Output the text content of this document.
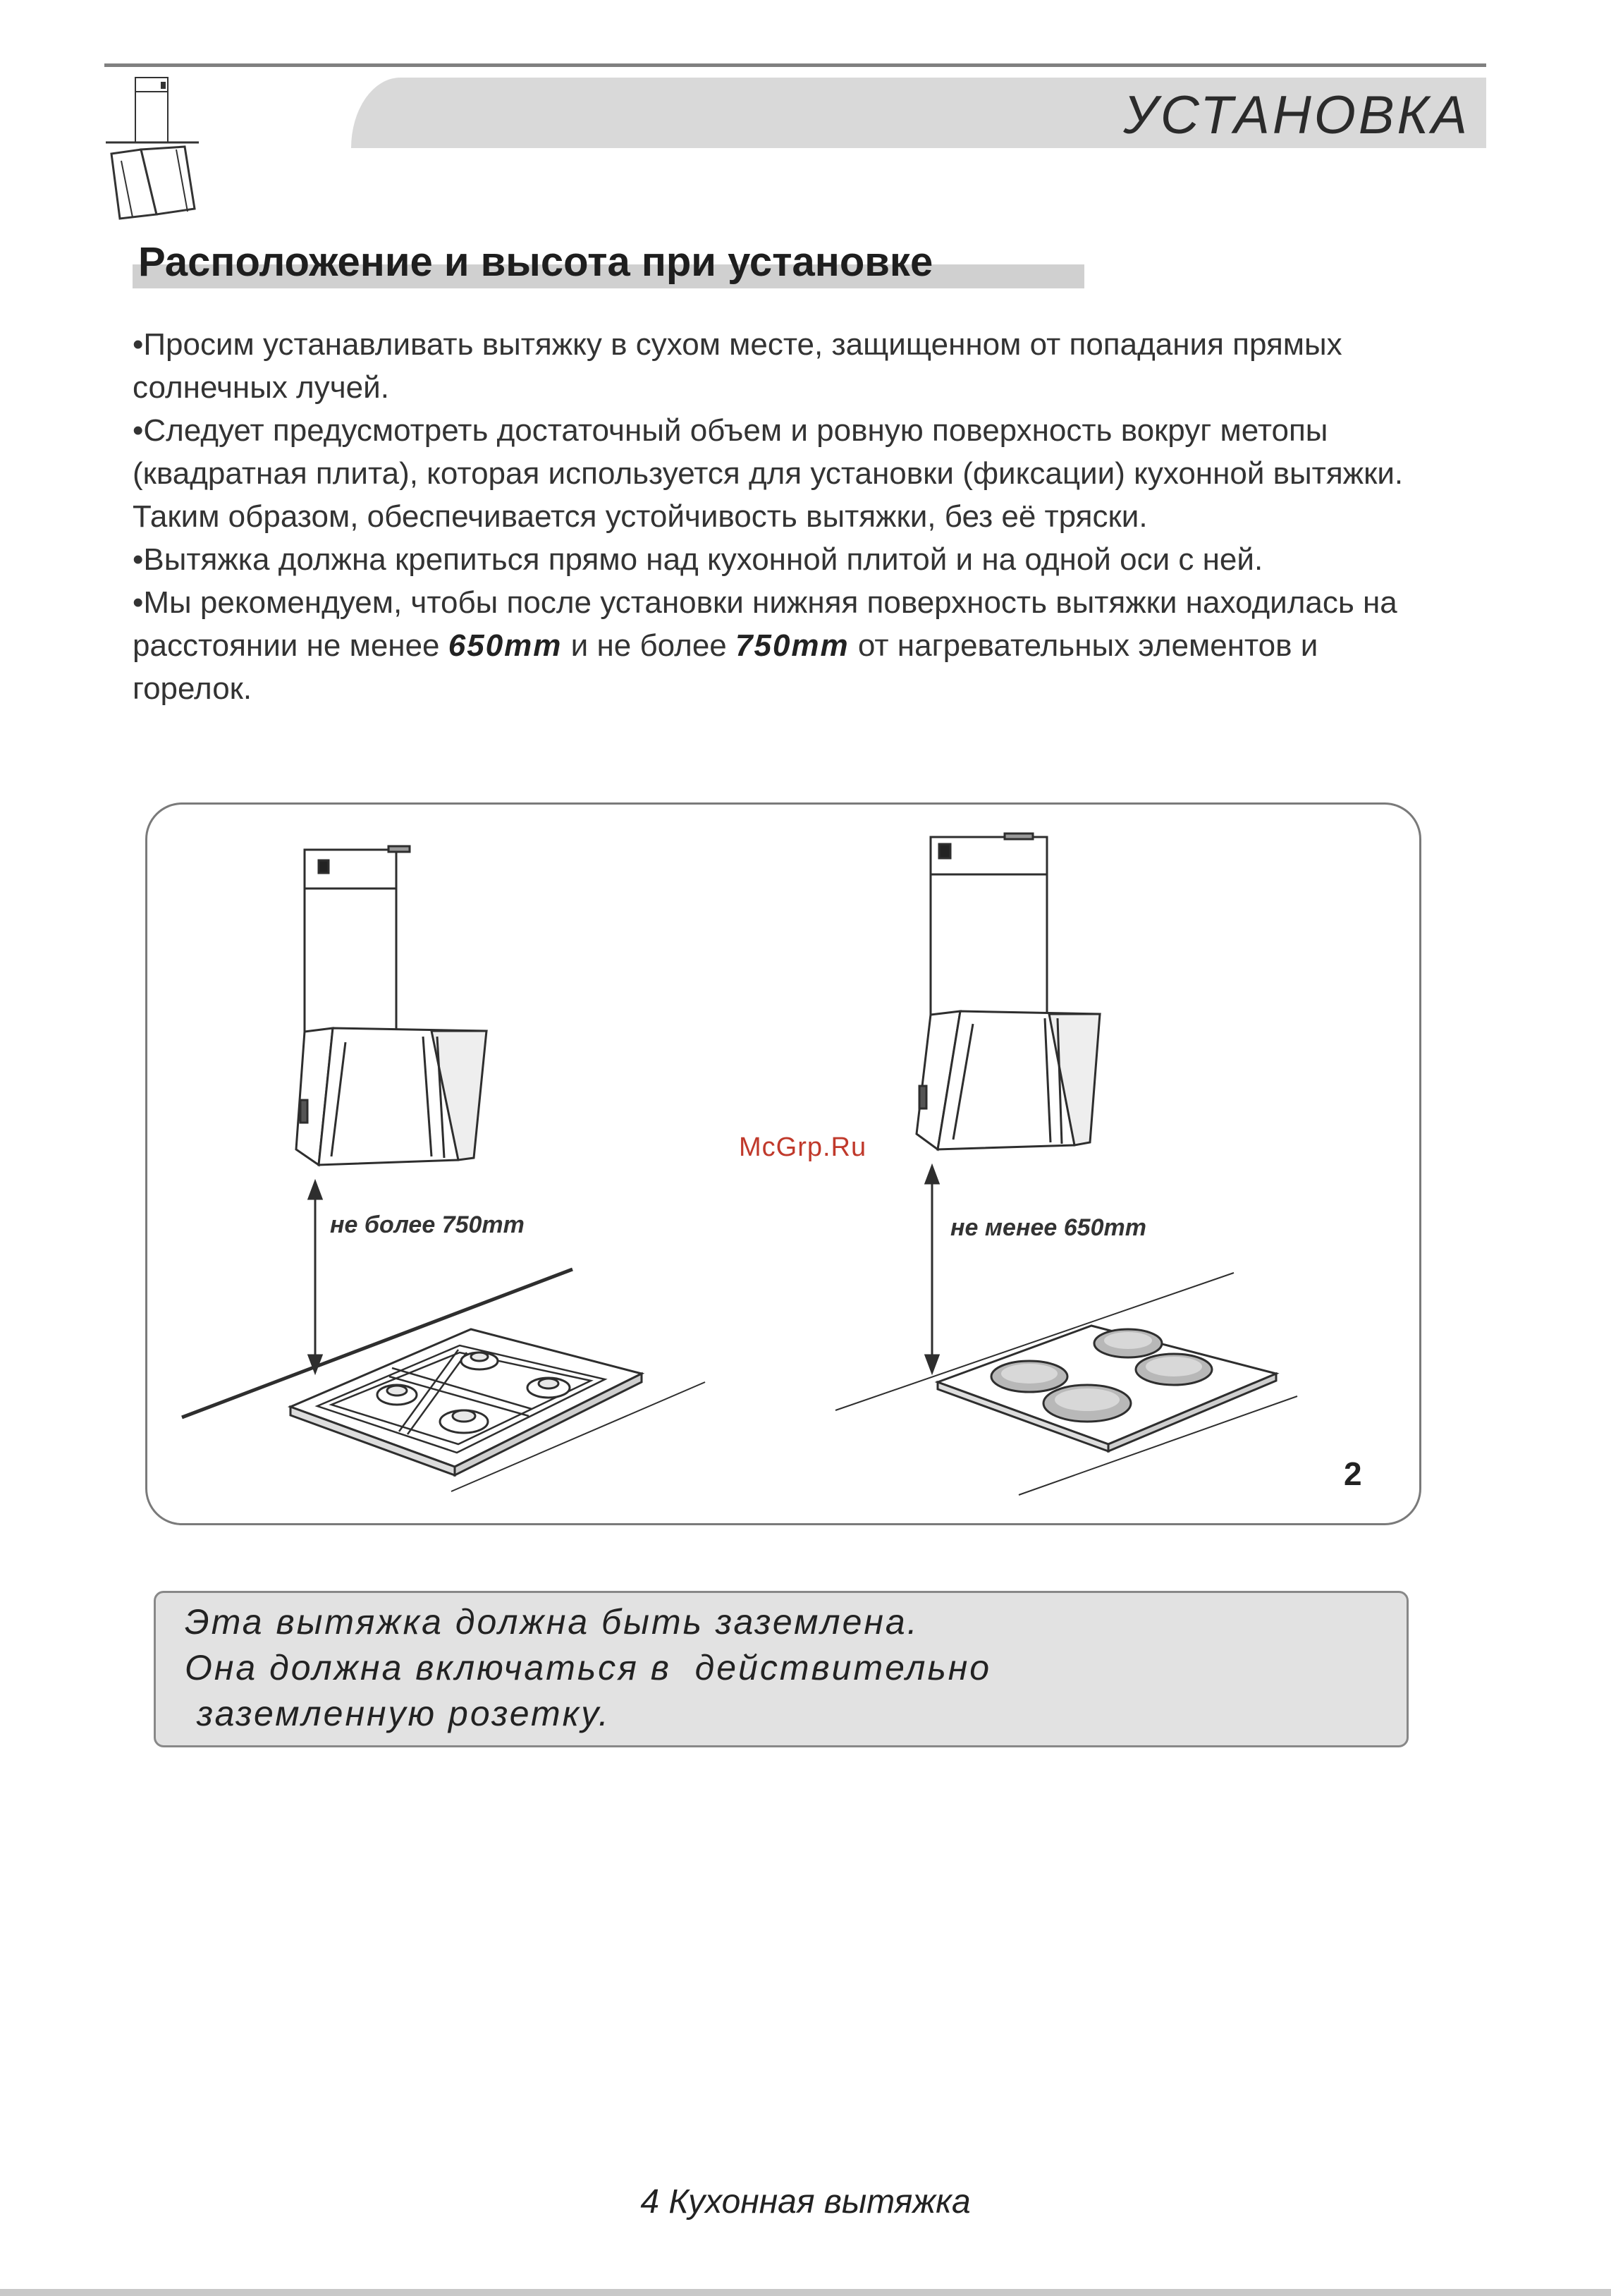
УСТАНОВКА
Расположение и высота при установке

•Просим устанавливать вытяжку в сухом месте, защищенном от попадания прямых солнечных лучей.

•Следует предусмотреть достаточный объем и ровную поверхность вокруг метопы (квадратная плита), которая используется для установки (фиксации) кухонной вытяжки. Таким образом, обеспечивается устойчивость вытяжки, без её тряски.

•Вытяжка должна крепиться прямо над кухонной плитой и на одной оси с ней.

•Мы рекомендуем, чтобы после установки нижняя поверхность вытяжки находилась на расстоянии не менее 650mm и не более 750mm от нагревательных элементов и горелок.

McGrp.Ru
не более 750mm	не менее 650mm
2
Эта вытяжка должна быть заземлена.
Она должна включаться в  действительно
заземленную розетку.
4 Кухонная вытяжка
